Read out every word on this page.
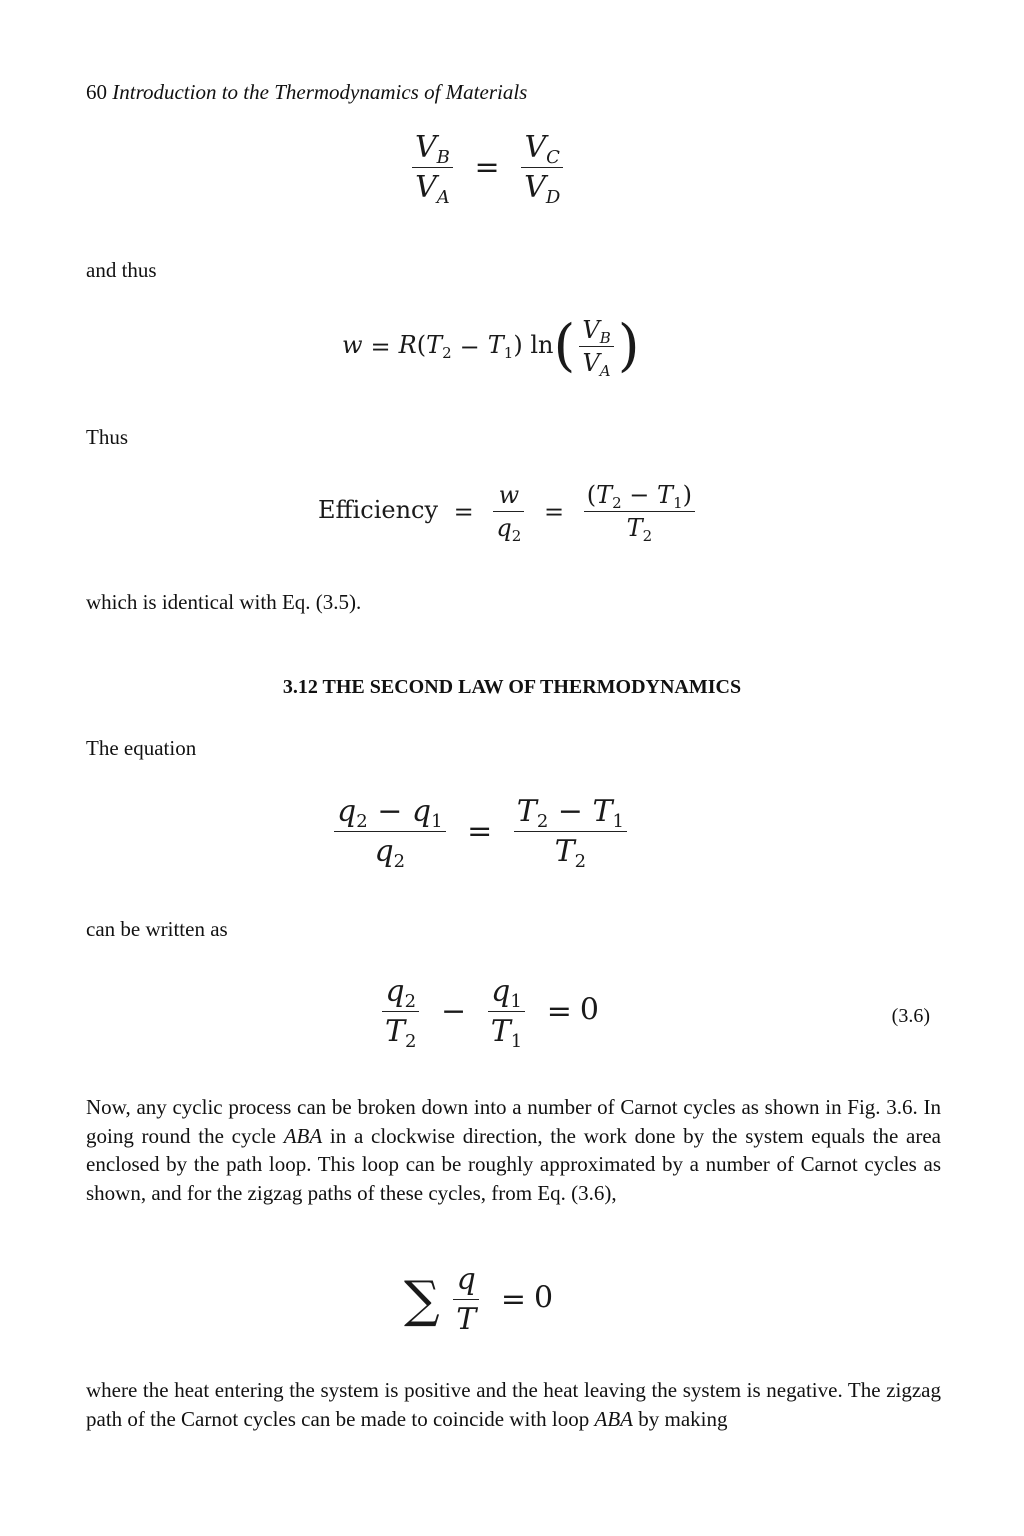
60 Introduction to the Thermodynamics of Materials
$\frac{V_B}{V_A} = \frac{V_C}{V_D}$
and thus
$w = R(T_2 - T_1)$ $\ln( \frac{V_B}{V_A}$ )
Thus
Efficiency = $\frac{w}{q_2} = \frac{(T_2 - T_1)}{T_2}$
which is identical with Eq. (3.5).
3.12 THE SECOND LAW OF THERMODYNAMICS
The equation
$\frac{q_2 - q_1}{q_2} = \frac{T_2 - T_1}{T_2}$
can be written as
$\frac{q_2}{T_2} - \frac{q_1}{T_1} = 0$	(3.6)
Now, any cyclic process can be broken down into a number of Carnot cycles as shown in Fig. 3.6. In going round the cycle ABA in a clockwise direction, the work done by the system equals the area enclosed by the path loop. This loop can be roughly approximated by a number of Carnot cycles as shown, and for the zigzag paths of these cycles, from Eq. (3.6),
∑ $\frac{q}{T} = 0$
where the heat entering the system is positive and the heat leaving the system is negative. The zigzag path of the Carnot cycles can be made to coincide with loop ABA by making
